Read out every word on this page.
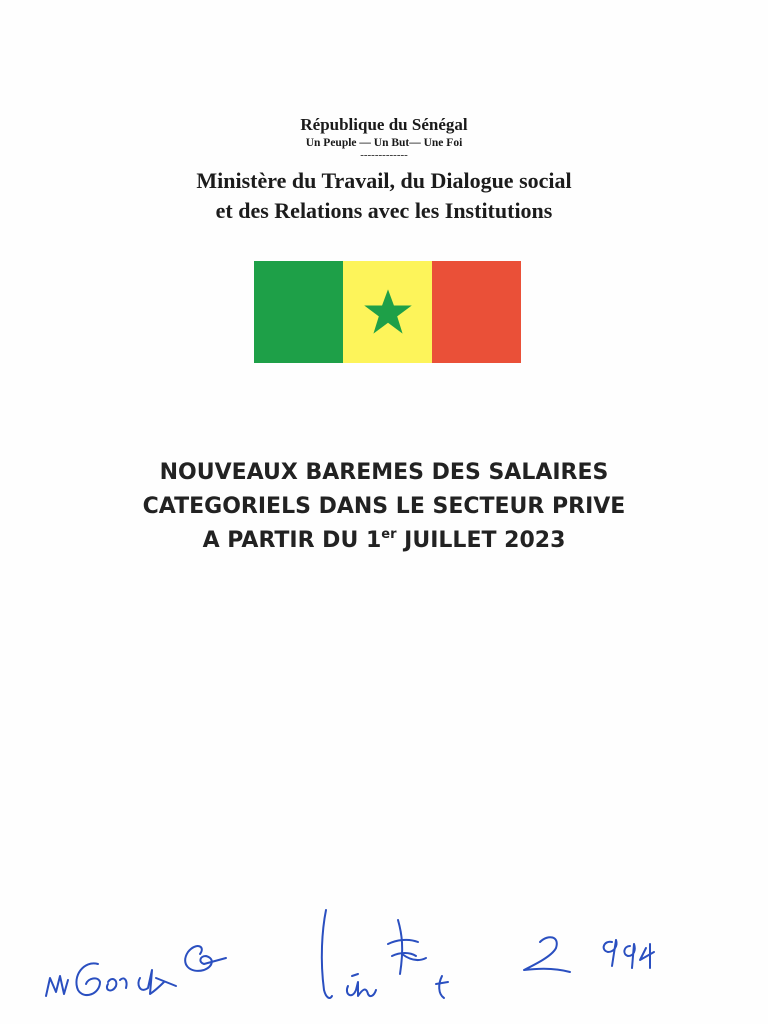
République du Sénégal
Un Peuple — Un But— Une Foi
-------------
Ministère du Travail, du Dialogue social
et des Relations avec les Institutions
NOUVEAUX BAREMES DES SALAIRES
CATEGORIELS DANS LE SECTEUR PRIVE
A PARTIR DU 1er JUILLET 2023
